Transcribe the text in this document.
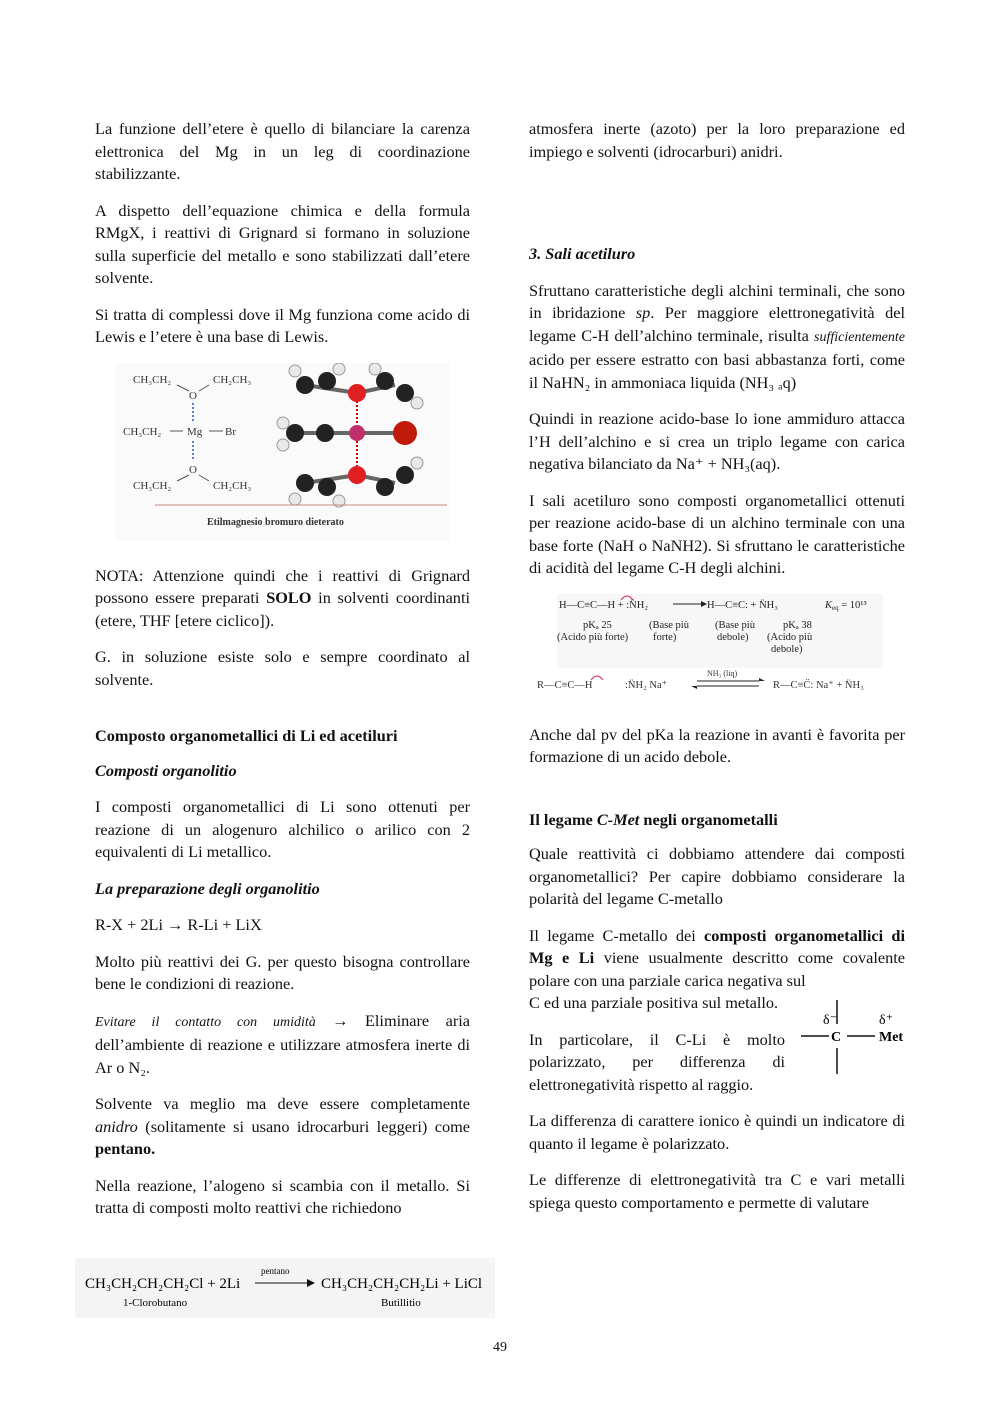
La funzione dell’etere è quello di bilanciare la carenza elettronica del Mg in un leg di coordinazione stabilizzante.

A dispetto dell’equazione chimica e della formula RMgX, i reattivi di Grignard si formano in soluzione sulla superficie del metallo e sono stabilizzati dall’etere solvente.

Si tratta di complessi dove il Mg funziona come acido di Lewis e l’etere è una base di Lewis.

CH₃CH₂	CH₂CH₃
O
CH₃CH₂ Mg Br
O
CH₃CH₂	CH₂CH₃
Etilmagnesio bromuro dieterato

NOTA: Attenzione quindi che i reattivi di Grignard possono essere preparati SOLO in solventi coordinanti (etere, THF [etere ciclico]).

G. in soluzione esiste solo e sempre coordinato al solvente.

Composto organometallici di Li ed acetiluri

Composti organolitio

I composti organometallici di Li sono ottenuti per reazione di un alogenuro alchilico o arilico con 2 equivalenti di Li metallico.

La preparazione degli organolitio

R-X + 2Li → R-Li + LiX

Molto più reattivi dei G. per questo bisogna controllare bene le condizioni di reazione.

Evitare il contatto con umidità → Eliminare aria dell’ambiente di reazione e utilizzare atmosfera inerte di Ar o N₂.

Solvente va meglio ma deve essere completamente anidro (solitamente si usano idrocarburi leggeri) come pentano.

Nella reazione, l’alogeno si scambia con il metallo. Si tratta di composti molto reattivi che richiedono

CH₃CH₂CH₂CH₂Cl + 2Li
pentano
CH₃CH₂CH₂CH₂Li + LiCl
1-Clorobutano	Butillitio

atmosfera inerte (azoto) per la loro preparazione ed impiego e solventi (idrocarburi) anidri.

3. Sali acetiluro

Sfruttano caratteristiche degli alchini terminali, che sono in ibridazione sp. Per maggiore elettronegatività del legame C-H dell’alchino terminale, risulta sufficientemente acido per essere estratto con basi abbastanza forti, come il NaHN₂ in ammoniaca liquida (NH₃ ₐq)

Quindi in reazione acido-base lo ione ammiduro attacca l’H dell’alchino e si crea un triplo legame con carica negativa bilanciato da Na⁺ + NH₃(aq).

I sali acetiluro sono composti organometallici ottenuti per reazione acido-base di un alchino terminale con una base forte (NaH o NaNH2). Si sfruttano le caratteristiche di acidità del legame C-H degli alchini.

H—C≡C—H + :N̈H₂	H—C≡C: + N̈H₃	Keq = 10¹³
pKₐ 25
(Acido più forte)
(Base più
forte)
(Base più
debole)
pKₐ 38
(Acido più
debole)
R—C≡C—H	:N̈H₂ Na⁺
NH₃ (liq)
R—C≡C̈: Na⁺ + N̈H₃

Anche dal pv del pKa la reazione in avanti è favorita per formazione di un acido debole.

Il legame C-Met negli organometalli

Quale reattività ci dobbiamo attendere dai composti organometallici? Per capire dobbiamo considerare la polarità del legame C-metallo

Il legame C-metallo dei composti organometallici di Mg e Li viene usualmente descritto come covalente polare con una parziale carica negativa sul

C ed una parziale positiva sul metallo.

In particolare, il C-Li è molto polarizzato, per differenza di elettronegatività rispetto al raggio.

δ⁻	δ⁺
C	Met

La differenza di carattere ionico è quindi un indicatore di quanto il legame è polarizzato.

Le differenze di elettronegatività tra C e vari metalli spiega questo comportamento e permette di valutare

49
